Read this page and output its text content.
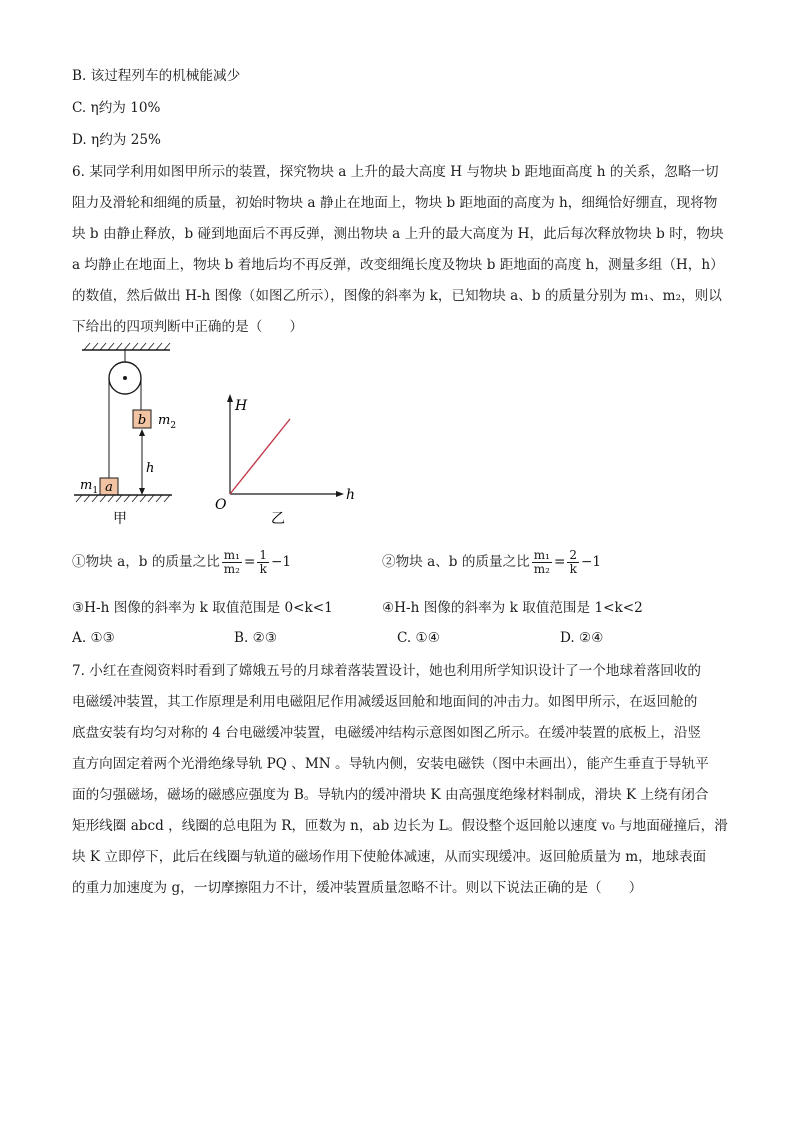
B. 该过程列车的机械能减少
C. η约为 10%
D. η约为 25%
6. 某同学利用如图甲所示的装置，探究物块 a 上升的最大高度 H 与物块 b 距地面高度 h 的关系，忽略一切
阻力及滑轮和细绳的质量，初始时物块 a 静止在地面上，物块 b 距地面的高度为 h，细绳恰好绷直，现将物
块 b 由静止释放，b 碰到地面后不再反弹，测出物块 a 上升的最大高度为 H，此后每次释放物块 b 时，物块
a 均静止在地面上，物块 b 着地后均不再反弹，改变细绳长度及物块 b 距地面的高度 h，测量多组（H，h）
的数值，然后做出 H-h 图像（如图乙所示），图像的斜率为 k，已知物块 a、b 的质量分别为 m₁、m₂，则以
下给出的四项判断中正确的是（　　）
b $m_2$
h
a
$m_1$
甲
H
h
O
乙
①物块 a，b 的质量之比 $\frac{\text{m₁}}{\text{m₂}} = \frac{1}{k} -1$	②物块 a、b 的质量之比 $\frac{\text{m₁}}{\text{m₂}} = \frac{2}{k} -1$
③H-h 图像的斜率为 k 取值范围是 0<k<1	④H-h 图像的斜率为 k 取值范围是 1<k<2
A. ①③	B. ②③	C. ①④	D. ②④
7. 小红在查阅资料时看到了嫦娥五号的月球着落装置设计，她也利用所学知识设计了一个地球着落回收的
电磁缓冲装置，其工作原理是利用电磁阻尼作用减缓返回舱和地面间的冲击力。如图甲所示，在返回舱的
底盘安装有均匀对称的 4 台电磁缓冲装置，电磁缓冲结构示意图如图乙所示。在缓冲装置的底板上，沿竖
直方向固定着两个光滑绝缘导轨 PQ 、MN 。导轨内侧，安装电磁铁（图中未画出），能产生垂直于导轨平
面的匀强磁场，磁场的磁感应强度为 B。导轨内的缓冲滑块 K 由高强度绝缘材料制成，滑块 K 上绕有闭合
矩形线圈 abcd ，线圈的总电阻为 R，匝数为 n，ab 边长为 L。假设整个返回舱以速度 v₀ 与地面碰撞后，滑
块 K 立即停下，此后在线圈与轨道的磁场作用下使舱体减速，从而实现缓冲。返回舱质量为 m，地球表面
的重力加速度为 g，一切摩擦阻力不计，缓冲装置质量忽略不计。则以下说法正确的是（　　）
